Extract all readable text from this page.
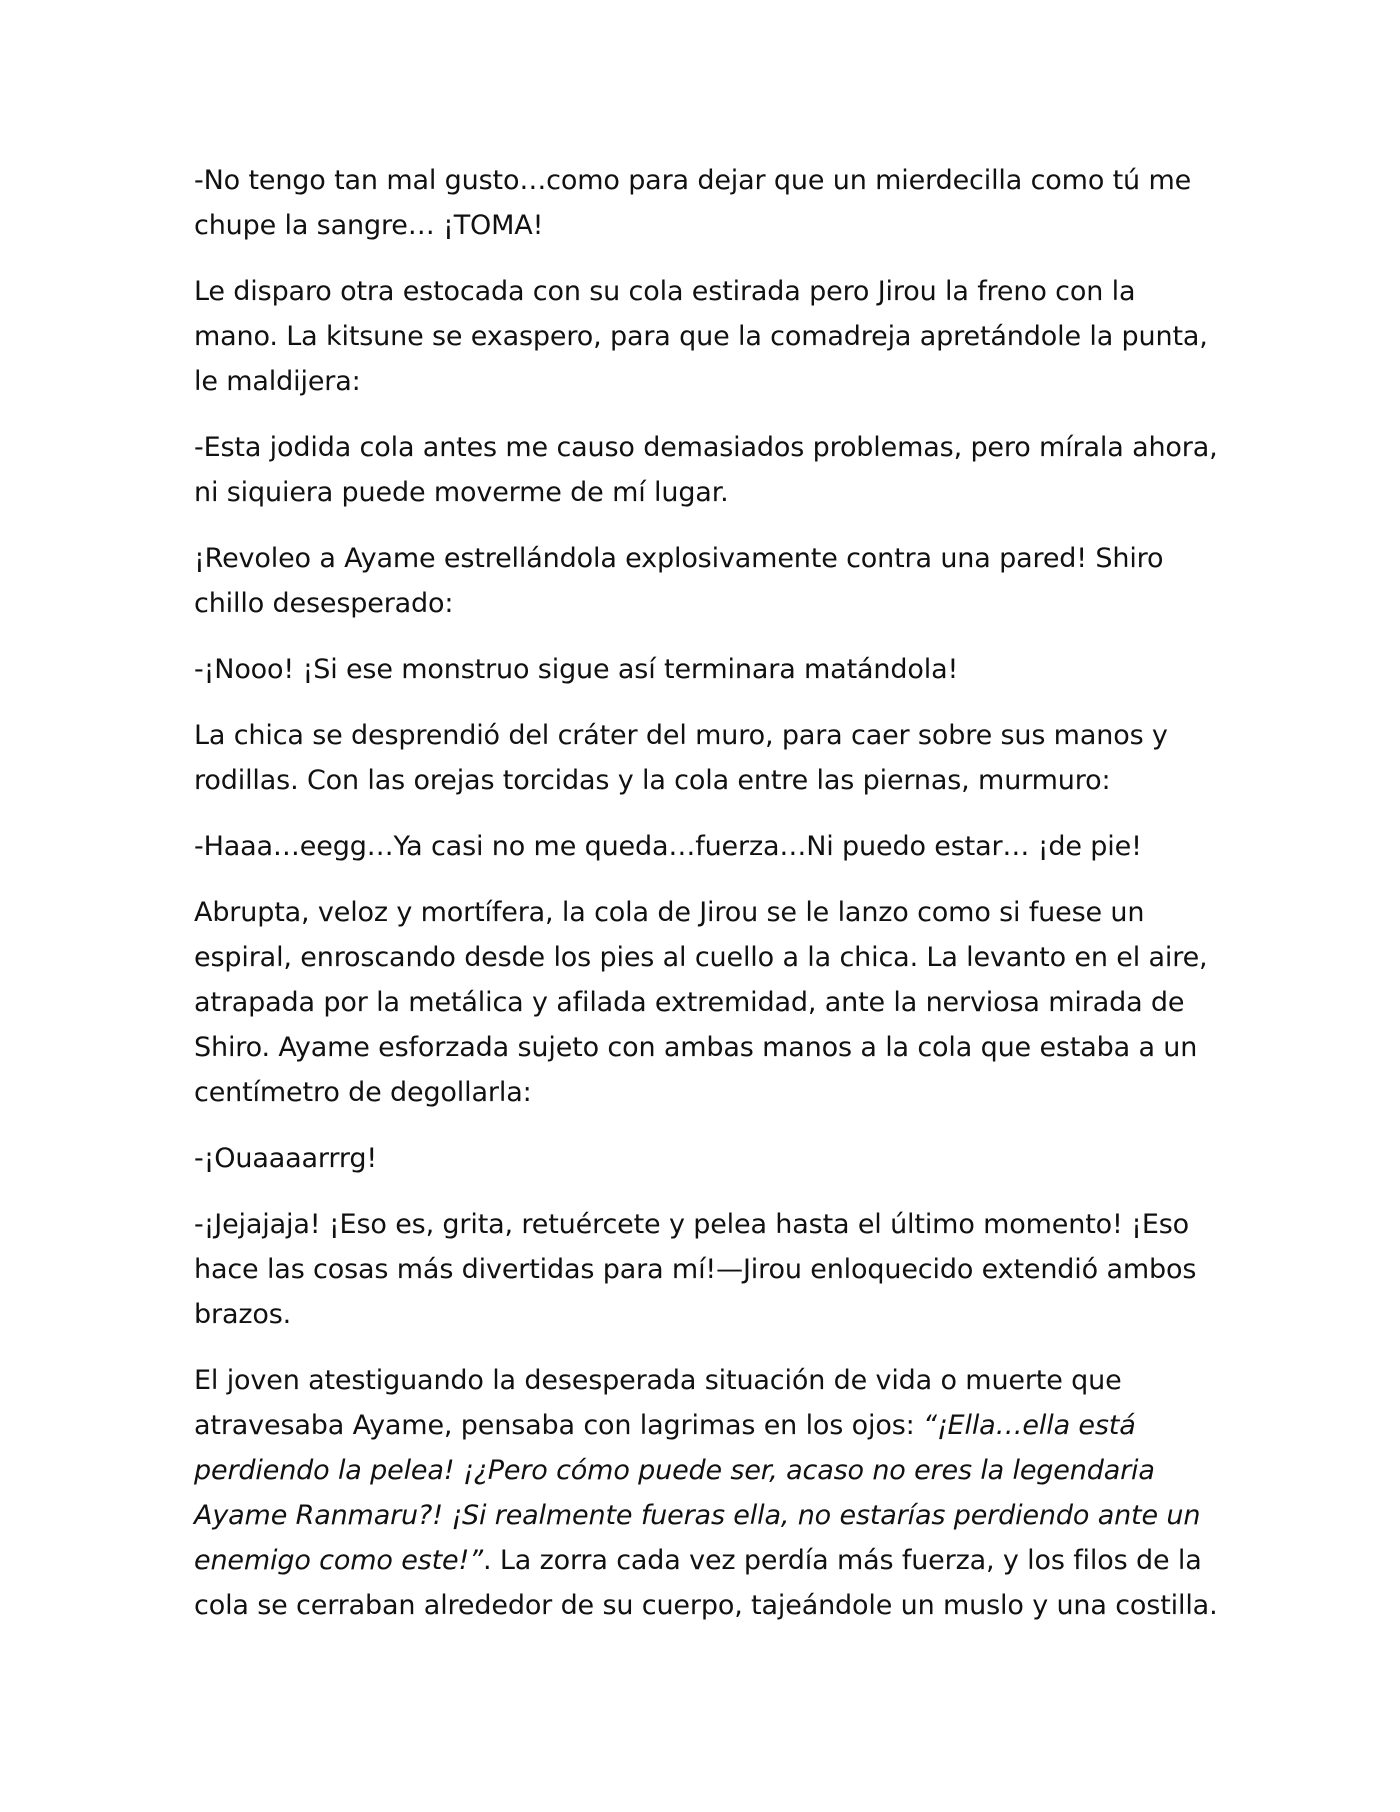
-No tengo tan mal gusto…como para dejar que un mierdecilla como tú me chupe la sangre… ¡TOMA!

Le disparo otra estocada con su cola estirada pero Jirou la freno con la mano. La kitsune se exaspero, para que la comadreja apretándole la punta, le maldijera:

-Esta jodida cola antes me causo demasiados problemas, pero mírala ahora, ni siquiera puede moverme de mí lugar.

¡Revoleo a Ayame estrellándola explosivamente contra una pared! Shiro chillo desesperado:

-¡Nooo! ¡Si ese monstruo sigue así terminara matándola!

La chica se desprendió del cráter del muro, para caer sobre sus manos y rodillas. Con las orejas torcidas y la cola entre las piernas, murmuro:

-Haaa…eegg…Ya casi no me queda…fuerza…Ni puedo estar… ¡de pie!

Abrupta, veloz y mortífera, la cola de Jirou se le lanzo como si fuese un espiral, enroscando desde los pies al cuello a la chica. La levanto en el aire, atrapada por la metálica y afilada extremidad, ante la nerviosa mirada de Shiro. Ayame esforzada sujeto con ambas manos a la cola que estaba a un centímetro de degollarla:

-¡Ouaaaarrrg!

-¡Jejajaja! ¡Eso es, grita, retuércete y pelea hasta el último momento! ¡Eso hace las cosas más divertidas para mí!—Jirou enloquecido extendió ambos brazos.

El joven atestiguando la desesperada situación de vida o muerte que atravesaba Ayame, pensaba con lagrimas en los ojos: “¡Ella…ella está perdiendo la pelea! ¡¿Pero cómo puede ser, acaso no eres la legendaria Ayame Ranmaru?! ¡Si realmente fueras ella, no estarías perdiendo ante un enemigo como este!”. La zorra cada vez perdía más fuerza, y los filos de la cola se cerraban alrededor de su cuerpo, tajeándole un muslo y una costilla.
